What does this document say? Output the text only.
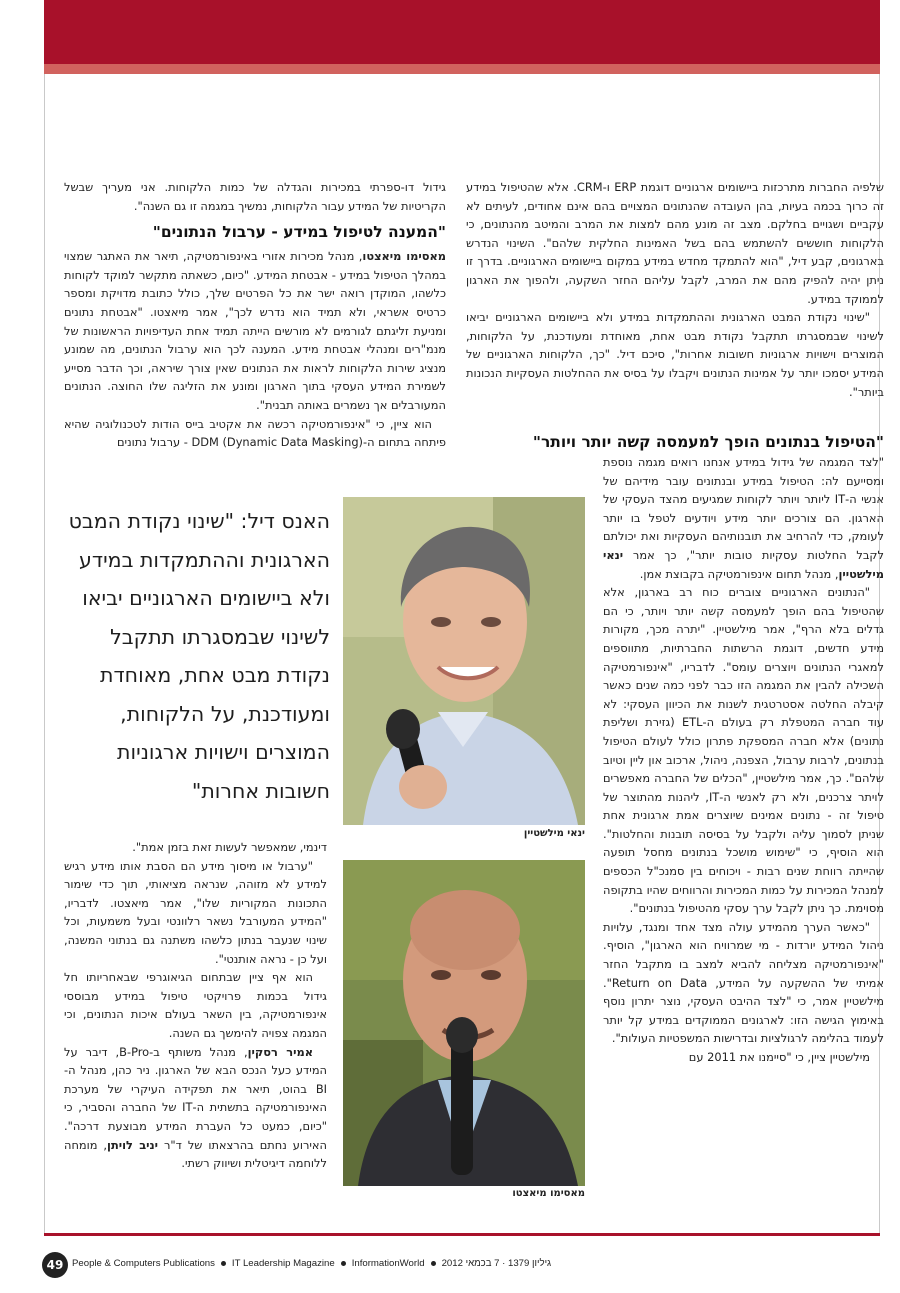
שלפיה החברות מתרכזות ביישומים ארגוניים דוגמת ERP ו-CRM. אלא שהטיפול במידע זה כרוך בכמה בעיות, בהן העובדה שהנתונים המצויים בהם אינם אחודים, לעיתים לא עקביים ושגויים בחלקם. מצב זה מונע מהם למצות את המרב והמיטב מהנתונים, כי הלקוחות חוששים להשתמש בהם בשל האמינות החלקית שלהם". השינוי הנדרש בארגונים, קבע דיל, "הוא להתמקד מחדש במידע במקום ביישומים הארגוניים. בדרך זו ניתן יהיה להפיק מהם את המרב, לקבל עליהם החזר השקעה, ולהפוך את הארגון לממוקד במידע.

"שינוי נקודת המבט הארגונית וההתמקדות במידע ולא ביישומים הארגוניים יביאו לשינוי שבמסגרתו תתקבל נקודת מבט אחת, מאוחדת ומעודכנת, על הלקוחות, המוצרים וישויות ארגוניות חשובות אחרות", סיכם דיל. "כך, הלקוחות הארגוניים של המידע יסמכו יותר על אמינות הנתונים ויקבלו על בסיס את ההחלטות העסקיות הנכונות ביותר".

"הטיפול בנתונים הופך למעמסה קשה יותר ויותר"

"לצד המגמה של גידול במידע אנחנו רואים מגמה נוספת ומסייעם לה: הטיפול במידע ובנתונים עובר מידיהם של אנשי ה-IT ליותר ויותר לקוחות שמגיעים מהצד העסקי של הארגון. הם צורכים יותר מידע ויודעים לטפל בו יותר לעומק, כדי להרחיב את תובנותיהם העסקיות ואת יכולתם לקבל החלטות עסקיות טובות יותר", כך אמר ינאי מילשטיין, מנהל תחום אינפורמטיקה בקבוצת אמן.

"הנתונים הארגוניים צוברים כוח רב בארגון, אלא שהטיפול בהם הופך למעמסה קשה יותר ויותר, כי הם גדלים בלא הרף", אמר מילשטיין. "יתרה מכך, מקורות מידע חדשים, דוגמת הרשתות החברתיות, מתווספים למאגרי הנתונים ויוצרים עומס". לדבריו, "אינפורמטיקה השכילה להבין את המגמה הזו כבר לפני כמה שנים כאשר קיבלה החלטה אסטרטגית לשנות את הכיוון העסקי: לא עוד חברה המטפלת רק בעולם ה-ETL (גזירת ושליפת נתונים) אלא חברה המספקת פתרון כולל לעולם הטיפול בנתונים, לרבות ערבול, הצפנה, ניהול, ארכוב און ליין וטיוב שלהם". כך, אמר מילשטיין, "הכלים של החברה מאפשרים לויתר צרכנים, ולא רק לאנשי ה-IT, ליהנות מהתוצר של טיפול זה - נתונים אמינים שיוצרים אמת ארגונית אחת שניתן לסמוך עליה ולקבל על בסיסה תובנות והחלטות". הוא הוסיף, כי "שימוש מושכל בנתונים מחסל תופעה שהייתה רווחת שנים רבות - ויכוחים בין סמנכ"ל הכספים למנהל המכירות על כמות המכירות והרווחים שהיו בתקופה מסוימת. כך ניתן לקבל ערך עסקי מהטיפול בנתונים".

"כאשר הערך מהמידע עולה מצד אחד ומנגד, עלויות ניהול המידע יורדות - מי שמרוויח הוא הארגון", הוסיף. "אינפורמטיקה מצליחה להביא למצב בו מתקבל החזר אמיתי של ההשקעה על המידע, Return on Data". מילשטיין אמר, כי "לצד ההיבט העסקי, נוצר יתרון נוסף באימוץ הגישה הזו: לארגונים הממוקדים במידע קל יותר לעמוד בהלימה לרגולציות ובדרישות המשפטיות העולות".

מילשטיין ציין, כי "סיימנו את 2011 עם

גידול דו-ספרתי במכירות והגדלה של כמות הלקוחות. אני מעריך שבשל הקריטיות של המידע עבור הלקוחות, נמשיך במגמה זו גם השנה".

"המענה לטיפול במידע - ערבול הנתונים"

מאסימו מיאצטו, מנהל מכירות אזורי באינפורמטיקה, תיאר את האתגר שמצוי במהלך הטיפול במידע - אבטחת המידע. "כיום, כשאתה מתקשר למוקד לקוחות כלשהו, המוקדן רואה ישר את כל הפרטים שלך, כולל כתובת מדויקת ומספר כרטיס אשראי, ולא תמיד הוא נדרש לכך", אמר מיאצטו. "אבטחת נתונים ומניעת זליגתם לגורמים לא מורשים הייתה תמיד אחת העדיפויות הראשונות של מנמ"רים ומנהלי אבטחת מידע. המענה לכך הוא ערבול הנתונים, מה שמונע מנציג שירות הלקוחות לראות את הנתונים שאין צורך שיראה, וכך הדבר מסייע לשמירת המידע העסקי בתוך הארגון ומונע את הזליגה שלו החוצה. הנתונים המעורבלים אך נשמרים באותה תבנית".

הוא ציין, כי "אינפורמטיקה רכשה את אקטיב בייס הודות לטכנולוגיה שהיא פיתחה בתחום ה-DDM (Dynamic Data Masking) - ערבול נתונים

האנס דיל: "שינוי נקודת המבט הארגונית וההתמקדות במידע ולא ביישומים הארגוניים יביאו לשינוי שבמסגרתו תתקבל נקודת מבט אחת, מאוחדת ומעודכנת, על הלקוחות, המוצרים וישויות ארגוניות חשובות אחרות"
ינאי מילשטיין
מאסימו מיאצטו

דינמי, שמאפשר לעשות זאת בזמן אמת".

"ערבול או מיסוך מידע הם הסבת אותו מידע רגיש למידע לא מזוהה, שנראה מציאותי, תוך כדי שימור התכונות המקוריות שלו", אמר מיאצטו. לדבריו, "המידע המעורבל נשאר רלוונטי ובעל משמעות, וכל שינוי שנעבר בנתון כלשהו משתנה גם בנתוני המשנה, ועל כן - נראה אותנטי".

הוא אף ציין שבתחום הגיאוגרפי שבאחריותו חל גידול בכמות פרויקטי טיפול במידע מבוססי אינפורמטיקה, בין השאר בעולם איכות הנתונים, וכי המגמה צפויה להימשך גם השנה.

אמיר רסקין, מנהל משותף ב-B-Pro, דיבר על המידע כעל הנכס הבא של הארגון. ניר כהן, מנהל ה-BI בהוט, תיאר את תפקידה העיקרי של מערכת האינפורמטיקה בתשתית ה-IT של החברה והסביר, כי "כיום, כמעט כל העברת המידע מבוצעת דרכה". האירוע נחתם בהרצאתו של ד"ר יניב לויתן, מומחה ללוחמה דיגיטלית ושיווק רשתי.

49 People & Computers Publications IT Leadership Magazine InformationWorld גיליון 1379 · 7 בכמאי 2012
